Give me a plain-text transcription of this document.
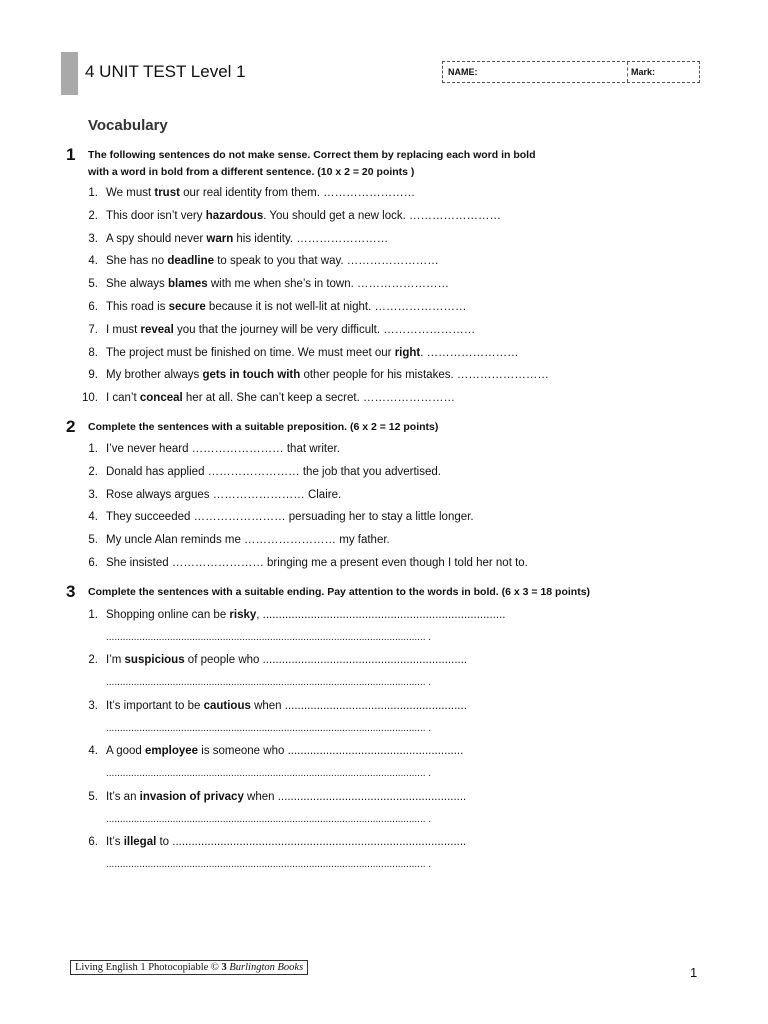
4 UNIT TEST Level 1	NAME:	Mark:
Vocabulary
1 The following sentences do not make sense. Correct them by replacing each word in bold
with a word in bold from a different sentence. (10 x 2 = 20 points )
1. We must trust our real identity from them. ……………………
2. This door isn’t very hazardous. You should get a new lock. ……………………
3. A spy should never warn his identity. ……………………
4. She has no deadline to speak to you that way. ……………………
5. She always blames with me when she’s in town. ……………………
6. This road is secure because it is not well-lit at night. ……………………
7. I must reveal you that the journey will be very difficult. ……………………
8. The project must be finished on time. We must meet our right. ……………………
9. My brother always gets in touch with other people for his mistakes. ……………………
10. I can’t conceal her at all. She can’t keep a secret. ……………………
2 Complete the sentences with a suitable preposition. (6 x 2 = 12 points)
1. I’ve never heard …………………… that writer.
2. Donald has applied …………………… the job that you advertised.
3. Rose always argues …………………… Claire.
4. They succeeded …………………… persuading her to stay a little longer.
5. My uncle Alan reminds me …………………… my father.
6. She insisted …………………… bringing me a present even though I told her not to.
3 Complete the sentences with a suitable ending. Pay attention to the words in bold. (6 x 3 = 18 points)
1. Shopping online can be risky, ............................................................................
................................................................................................................... .
2. I’m suspicious of people who ................................................................
................................................................................................................... .
3. It’s important to be cautious when .........................................................
................................................................................................................... .
4. A good employee is someone who .......................................................
................................................................................................................... .
5. It’s an invasion of privacy when ...........................................................
................................................................................................................... .
6. It’s illegal to ............................................................................................
................................................................................................................... .
Living English 1 Photocopiable © 3 Burlington Books	1
